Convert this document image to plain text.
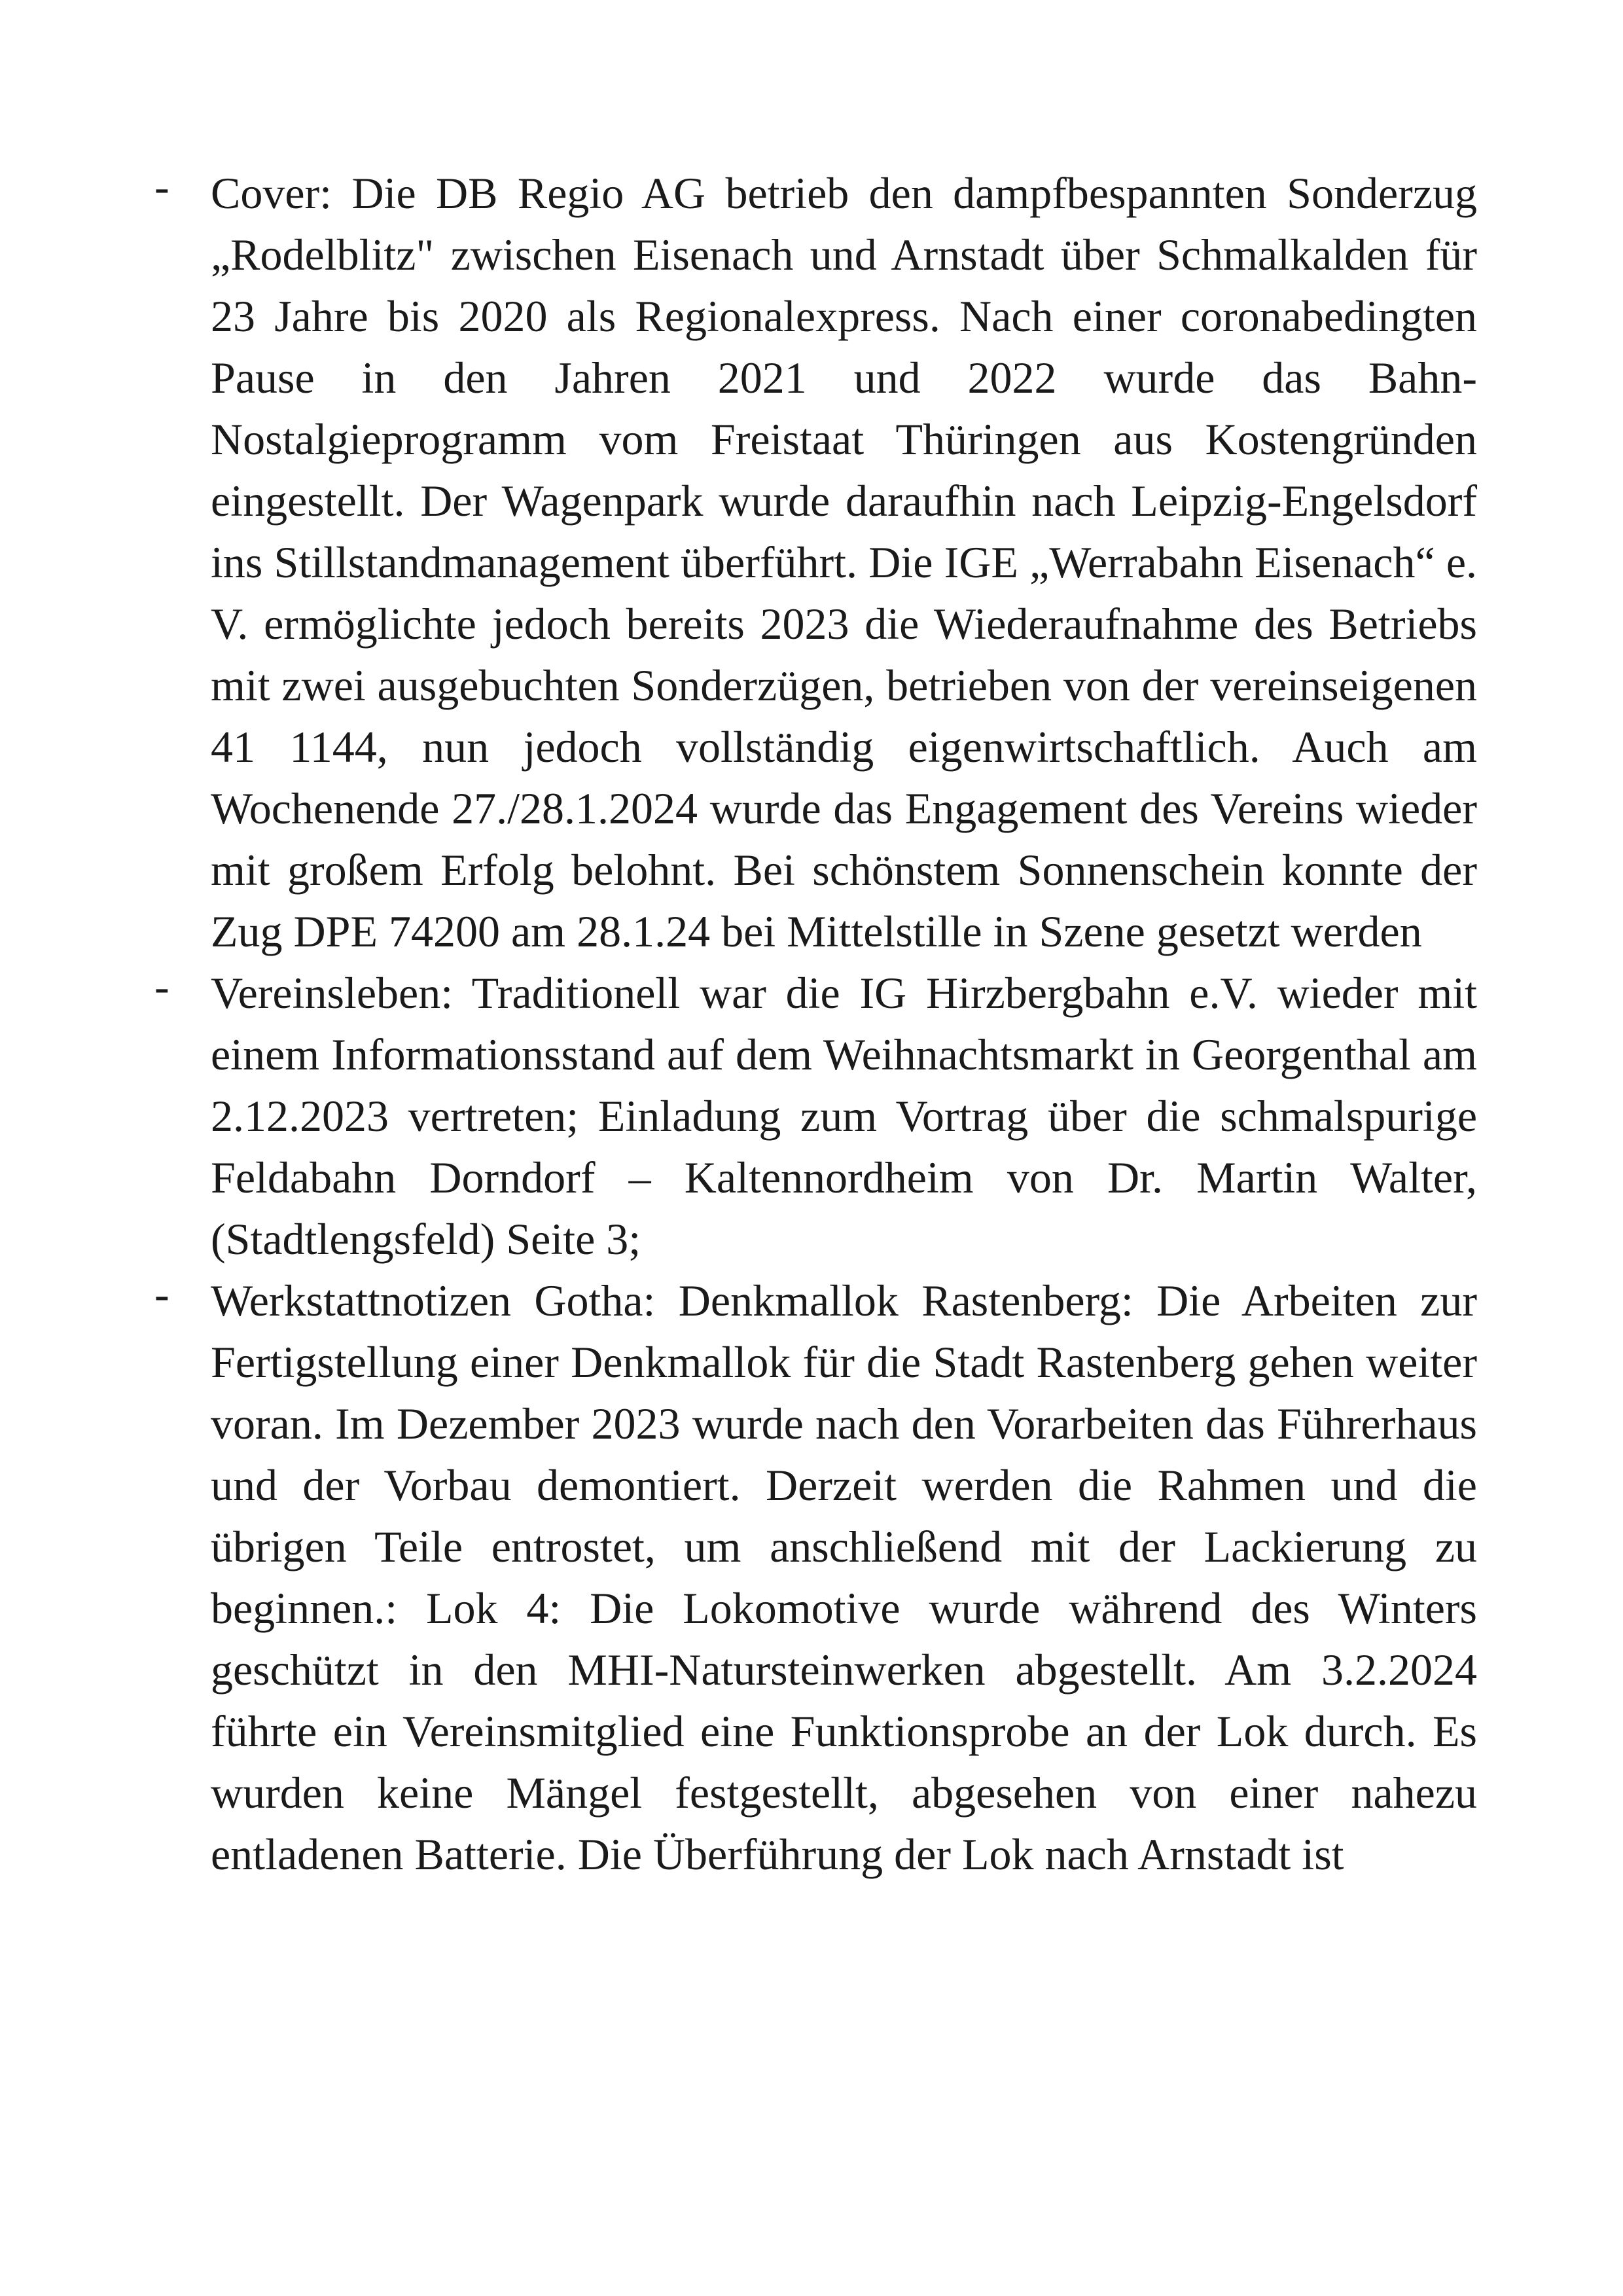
- Cover: Die DB Regio AG betrieb den dampfbespannten Sonderzug „Rodelblitz" zwischen Eisenach und Arnstadt über Schmalkalden für 23 Jahre bis 2020 als Regionalexpress. Nach einer coronabedingten Pause in den Jahren 2021 und 2022 wurde das Bahn-Nostalgieprogramm vom Freistaat Thüringen aus Kostengründen eingestellt. Der Wagenpark wurde daraufhin nach Leipzig-Engelsdorf ins Stillstandmanagement überführt. Die IGE „Werrabahn Eisenach“ e. V. ermöglichte jedoch bereits 2023 die Wiederaufnahme des Betriebs mit zwei ausgebuchten Sonderzügen, betrieben von der vereinseigenen 41 1144, nun jedoch vollständig eigenwirtschaftlich. Auch am Wochenende 27./28.1.2024 wurde das Engagement des Vereins wieder mit großem Erfolg belohnt. Bei schönstem Sonnenschein konnte der Zug DPE 74200 am 28.1.24 bei Mittelstille in Szene gesetzt werden
- Vereinsleben: Traditionell war die IG Hirzbergbahn e.V. wieder mit einem Informationsstand auf dem Weihnachtsmarkt in Georgenthal am 2.12.2023 vertreten; Einladung zum Vortrag über die schmalspurige Feldabahn Dorndorf – Kaltennordheim von Dr. Martin Walter, (Stadtlengsfeld) Seite 3;
- Werkstattnotizen Gotha: Denkmallok Rastenberg: Die Arbeiten zur Fertigstellung einer Denkmallok für die Stadt Rastenberg gehen weiter voran. Im Dezember 2023 wurde nach den Vorarbeiten das Führerhaus und der Vorbau demontiert. Derzeit werden die Rahmen und die übrigen Teile entrostet, um anschließend mit der Lackierung zu beginnen.: Lok 4: Die Lokomotive wurde während des Winters geschützt in den MHI-Natursteinwerken abgestellt. Am 3.2.2024 führte ein Vereinsmitglied eine Funktionsprobe an der Lok durch. Es wurden keine Mängel festgestellt, abgesehen von einer nahezu entladenen Batterie. Die Überführung der Lok nach Arnstadt ist
